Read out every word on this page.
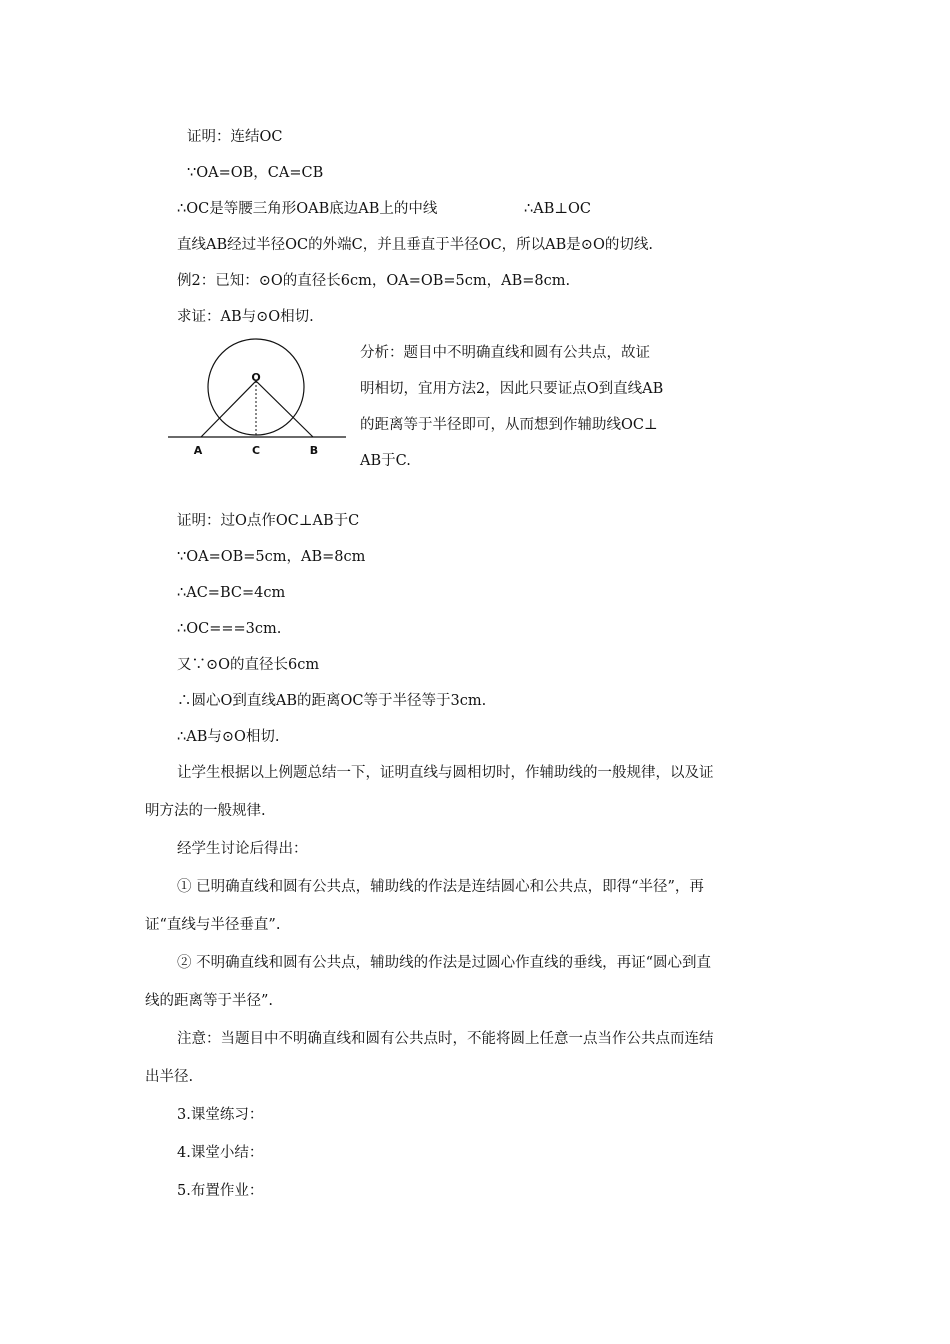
证明：连结OC
∵OA=OB，CA=CB
∴OC是等腰三角形OAB底边AB上的中线	∴AB⊥OC
直线AB经过半径OC的外端C，并且垂直于半径OC，所以AB是⊙O的切线.
例2：已知：⊙O的直径长6cm，OA=OB=5cm，AB=8cm.
求证：AB与⊙O相切.
O
A	C	B
分析：题目中不明确直线和圆有公共点，故证
明相切，宜用方法2，因此只要证点O到直线AB
的距离等于半径即可，从而想到作辅助线OC⊥
AB于C.
证明：过O点作OC⊥AB于C
∵OA=OB=5cm，AB=8cm
∴AC=BC=4cm
∴OC===3cm.
又∵⊙O的直径长6cm
∴圆心O到直线AB的距离OC等于半径等于3cm.
∴AB与⊙O相切.
让学生根据以上例题总结一下，证明直线与圆相切时，作辅助线的一般规律，以及证
明方法的一般规律.
经学生讨论后得出：
① 已明确直线和圆有公共点，辅助线的作法是连结圆心和公共点，即得“半径”，再
证“直线与半径垂直”.
② 不明确直线和圆有公共点，辅助线的作法是过圆心作直线的垂线，再证“圆心到直
线的距离等于半径”.
注意：当题目中不明确直线和圆有公共点时，不能将圆上任意一点当作公共点而连结
出半径.
3.课堂练习：
4.课堂小结：
5.布置作业：
